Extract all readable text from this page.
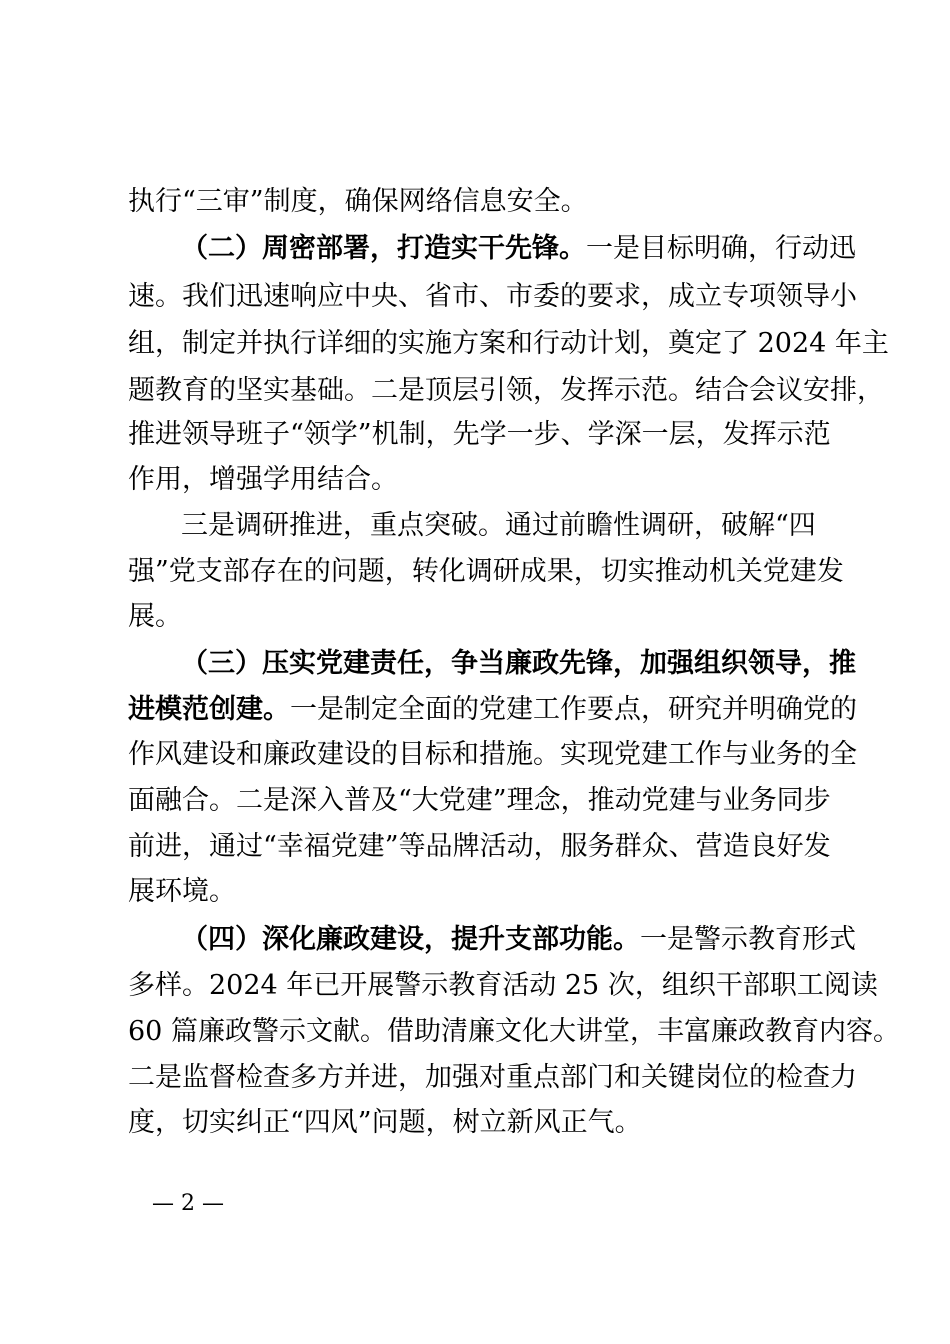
执行“三审”制度，确保网络信息安全。
（二）周密部署，打造实干先锋。一是目标明确，行动迅
速。我们迅速响应中央、省市、市委的要求，成立专项领导小
组，制定并执行详细的实施方案和行动计划，奠定了 2024 年主
题教育的坚实基础。二是顶层引领，发挥示范。结合会议安排，
推进领导班子“领学”机制，先学一步、学深一层，发挥示范
作用，增强学用结合。
三是调研推进，重点突破。通过前瞻性调研，破解“四
强”党支部存在的问题，转化调研成果，切实推动机关党建发
展。
（三）压实党建责任，争当廉政先锋，加强组织领导，推
进模范创建。一是制定全面的党建工作要点，研究并明确党的
作风建设和廉政建设的目标和措施。实现党建工作与业务的全
面融合。二是深入普及“大党建”理念，推动党建与业务同步
前进，通过“幸福党建”等品牌活动，服务群众、营造良好发
展环境。
（四）深化廉政建设，提升支部功能。一是警示教育形式
多样。2024 年已开展警示教育活动 25 次，组织干部职工阅读
60 篇廉政警示文献。借助清廉文化大讲堂，丰富廉政教育内容。
二是监督检查多方并进，加强对重点部门和关键岗位的检查力
度，切实纠正“四风”问题，树立新风正气。
— 2 —
